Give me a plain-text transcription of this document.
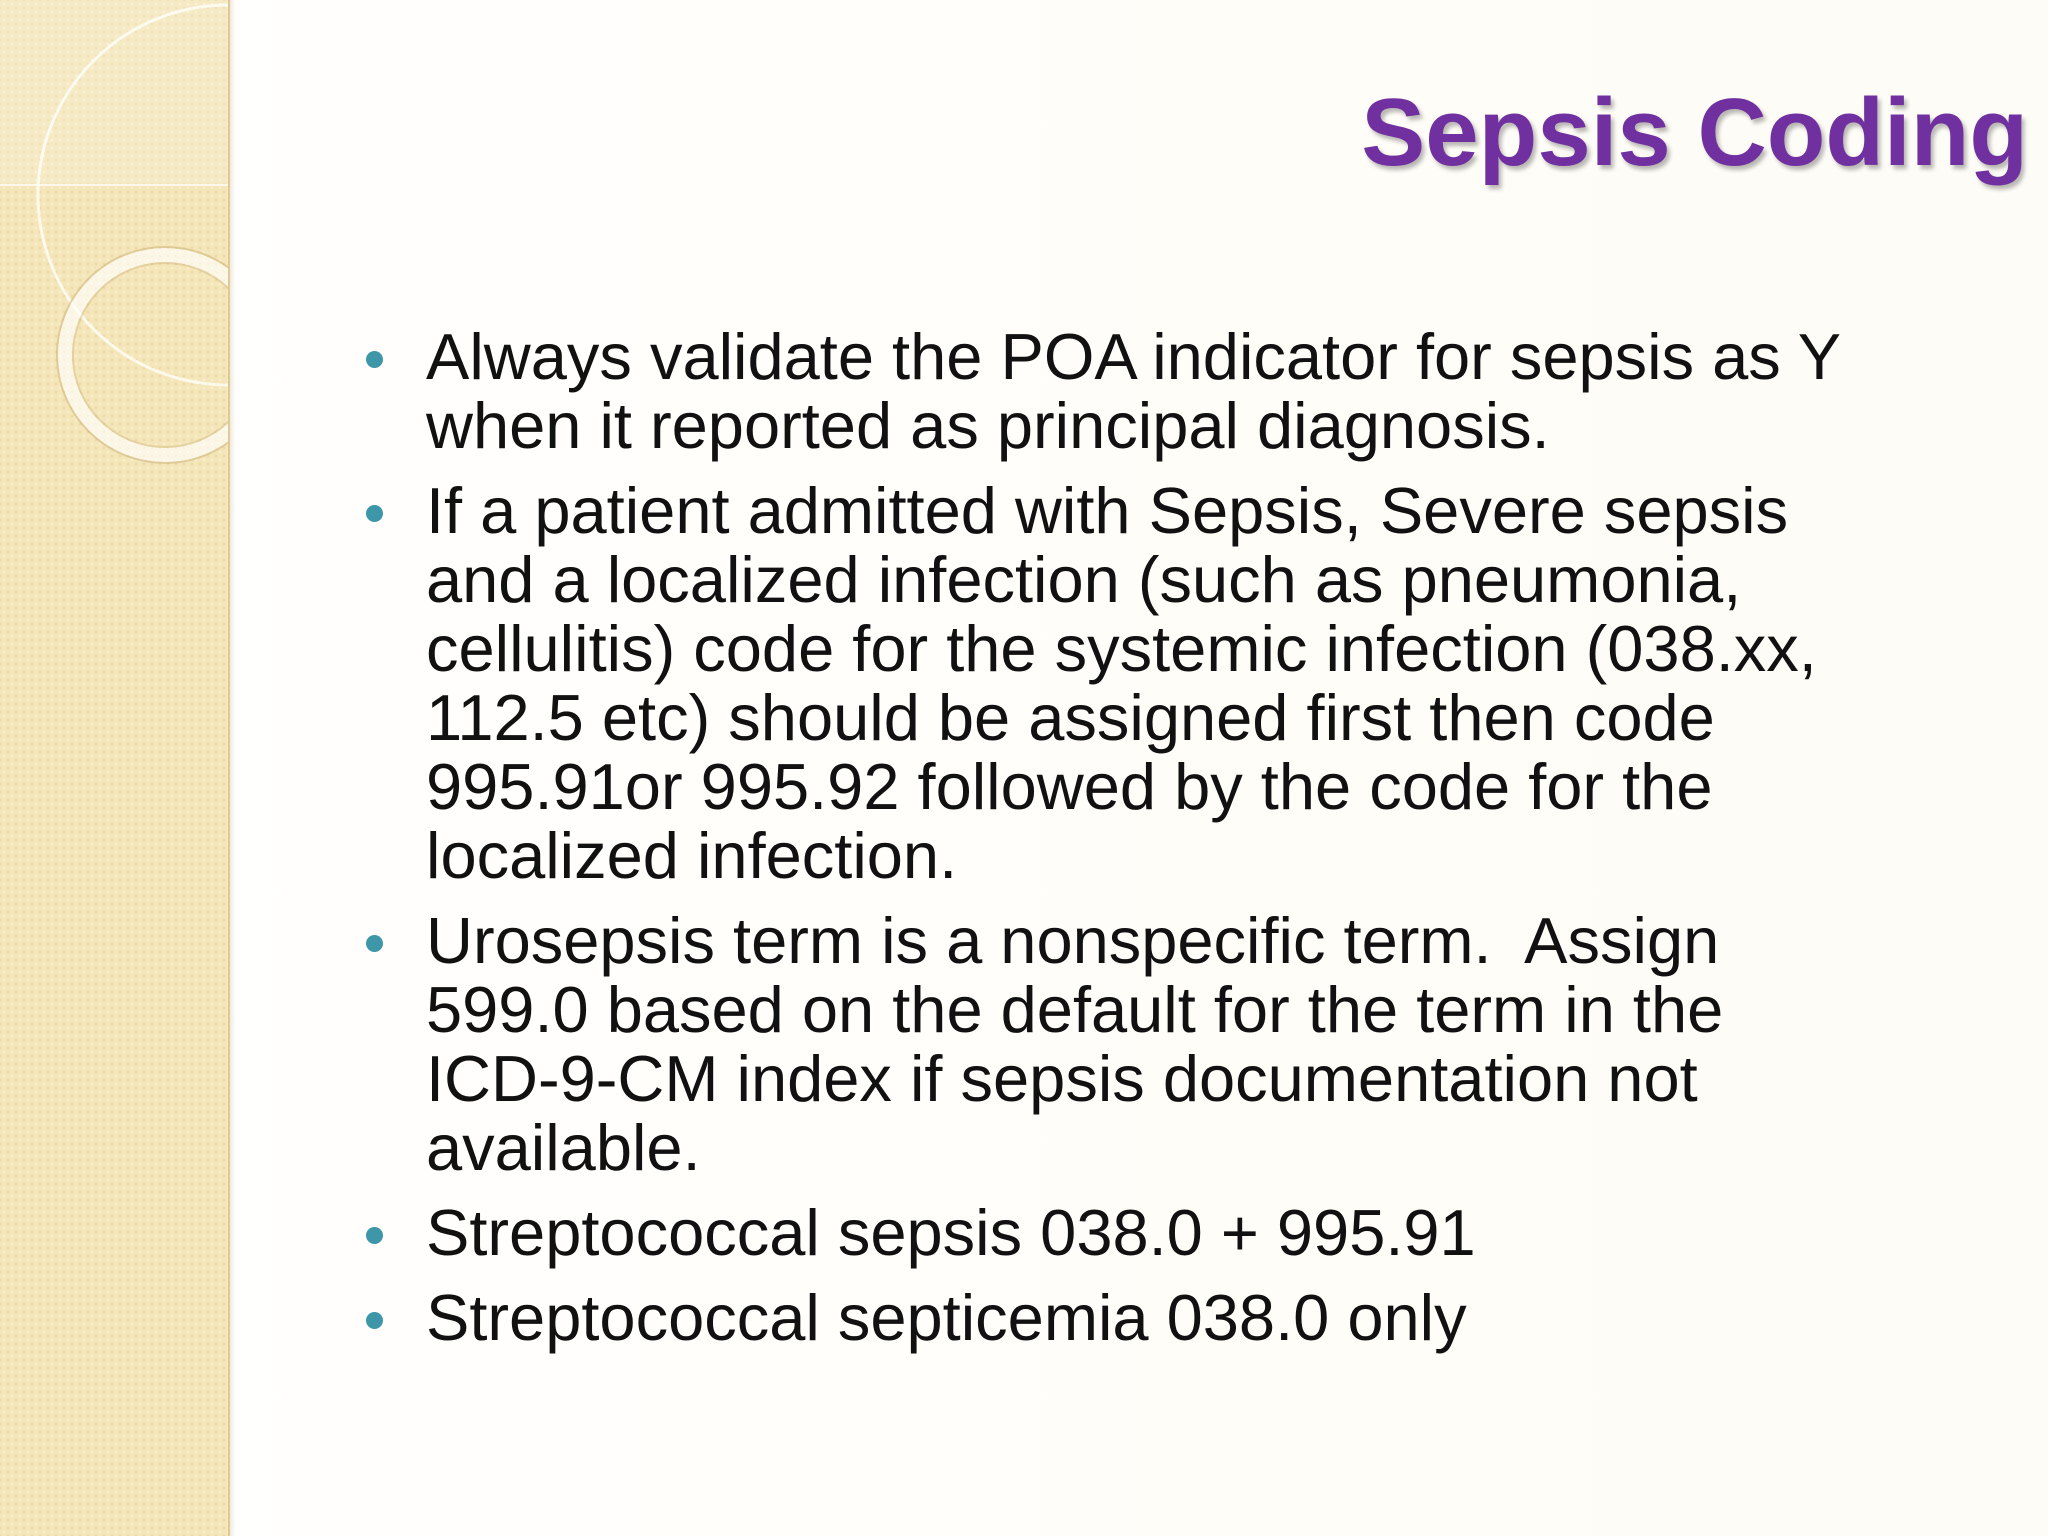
Sepsis Coding
Always validate the POA indicator for sepsis as Y
when it reported as principal diagnosis.
If a patient admitted with Sepsis, Severe sepsis
and a localized infection (such as pneumonia,
cellulitis) code for the systemic infection (038.xx,
112.5 etc) should be assigned first then code
995.91or 995.92 followed by the code for the
localized infection.
Urosepsis term is a nonspecific term.  Assign
599.0 based on the default for the term in the
ICD-9-CM index if sepsis documentation not
available.
Streptococcal sepsis 038.0 + 995.91
Streptococcal septicemia 038.0 only
